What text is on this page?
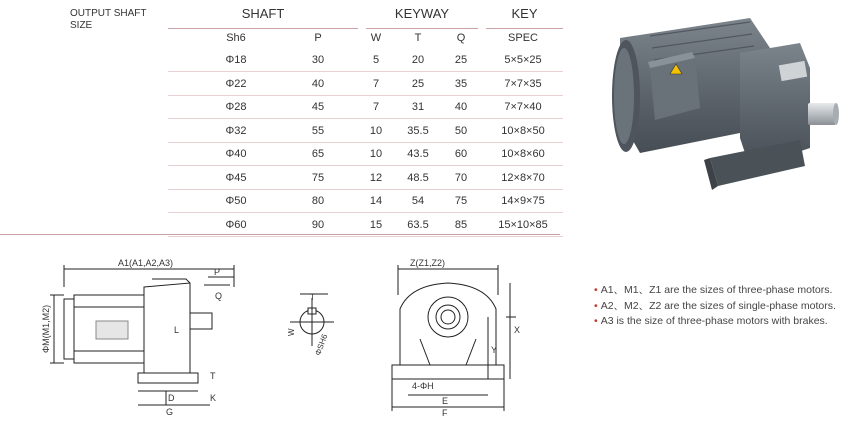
OUTPUT SHAFT SIZE
SHAFT	KEYWAY	KEY
Sh6	P	W	T	Q	SPEC
Φ18	30	5	20	25	5×5×25
Φ22	40	7	25	35	7×7×35
Φ28	45	7	31	40	7×7×40
Φ32	55	10	35.5	50	10×8×50
Φ40	65	10	43.5	60	10×8×60
Φ45	75	12	48.5	70	12×8×70
Φ50	80	14	54	75	14×9×75
Φ60	90	15	63.5	85	15×10×85
A1(A1,A2,A3)
P
Q
L
ΦM(M1,M2)
T
D	K
G
T
W
ΦSH6
Z(Z1,Z2)
X
Y
4-ΦH
E
F
• A1、M1、Z1 are the sizes of three-phase motors.
• A2、M2、Z2 are the sizes of single-phase motors.
• A3 is the size of three-phase motors with brakes.
